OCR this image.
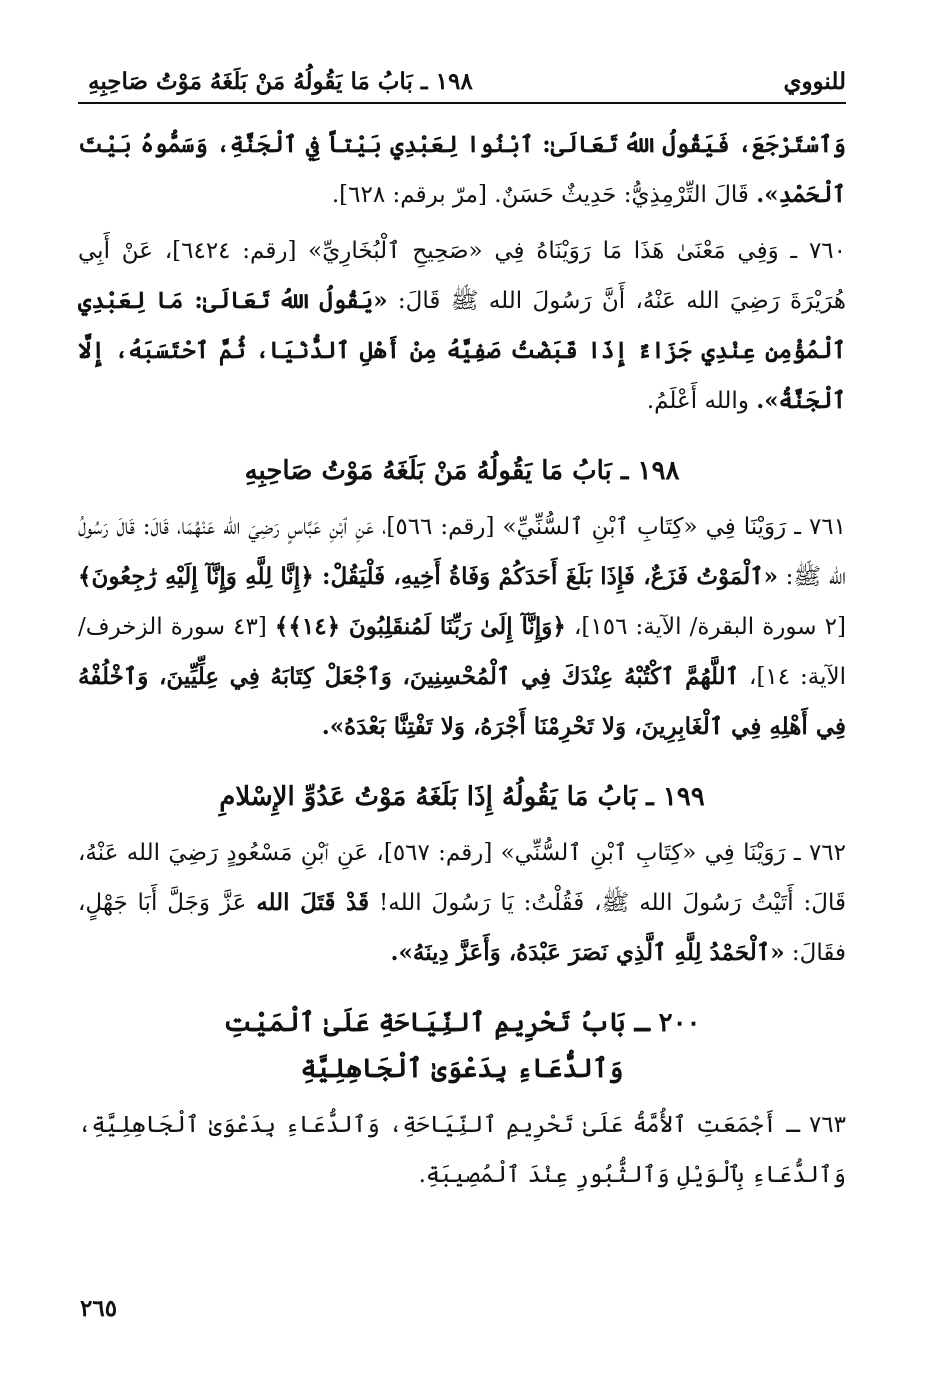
١٩٨ ـ بَابُ مَا يَقُولُهُ مَنْ بَلَغَهُ مَوْتُ صَاحِبِهِ	للنووي

وَٱسْتَرْجَعَ، فَيَقُولُ اللهُ تَعَالَىٰ: ٱبْنُوا لِعَبْدِي بَيْتاً فِي ٱلْجَنَّةِ، وَسَمُّوهُ بَيْتَ ٱلْحَمْدِ». قَالَ التِّرْمِذِيُّ: حَدِيثٌ حَسَنٌ. [مرّ برقم: ٦٢٨].

٧٦٠ ـ وَفِي مَعْنَىٰ هَذَا مَا رَوَيْنَاهُ فِي «صَحِيحِ ٱلْبُخَارِيِّ» [رقم: ٦٤٢٤]، عَنْ أَبِي هُرَيْرَةَ رَضِيَ الله عَنْهُ، أَنَّ رَسُولَ الله ﷺ قَالَ: «يَقُولُ اللهُ تَعَالَىٰ: مَا لِعَبْدِي ٱلْمُؤْمِنِ عِنْدِي جَزَاءٌ إِذَا قَبَضْتُ صَفِيَّهُ مِنْ أَهْلِ ٱلدُّنْيَا، ثُمَّ ٱحْتَسَبَهُ، إِلَّا ٱلْجَنَّةُ». والله أَعْلَمُ.

١٩٨ ـ بَابُ مَا يَقُولُهُ مَنْ بَلَغَهُ مَوْتُ صَاحِبِهِ

٧٦١ ـ رَوَيْنَا فِي «كِتَابِ ٱبْنِ ٱلسُّنِّيِّ» [رقم: ٥٦٦]، عَنِ ٱبْنِ عَبَّاسٍ رَضِيَ الله عَنْهُمَا، قَالَ: قَالَ رَسُولُ الله ﷺ: «ٱلْمَوْتُ فَزَعٌ، فَإِذَا بَلَغَ أَحَدَكُمْ وَفَاةُ أَخِيهِ، فَلْيَقُلْ: ﴿إِنَّا لِلَّهِ وَإِنَّآ إِلَيْهِ رَٰجِعُونَ﴾ [٢ سورة البقرة/ الآية: ١٥٦]، ﴿وَإِنَّآ إِلَىٰ رَبِّنَا لَمُنقَلِبُونَ ﴿١٤﴾﴾ [٤٣ سورة الزخرف/ الآية: ١٤]، ٱللَّهُمَّ ٱكْتُبْهُ عِنْدَكَ فِي ٱلْمُحْسِنِينَ، وَٱجْعَلْ كِتَابَهُ فِي عِلِّيِّينَ، وَٱخْلُفْهُ فِي أَهْلِهِ فِي ٱلْغَابِرِينَ، وَلا تَحْرِمْنَا أَجْرَهُ، وَلا تَفْتِنَّا بَعْدَهُ».

١٩٩ ـ بَابُ مَا يَقُولُهُ إِذَا بَلَغَهُ مَوْتُ عَدُوِّ الإِسْلامِ

٧٦٢ ـ رَوَيْنَا فِي «كِتَابِ ٱبْنِ ٱلسُّنِّي» [رقم: ٥٦٧]، عَنِ ٱبْنِ مَسْعُودٍ رَضِيَ الله عَنْهُ، قَالَ: أَتَيْتُ رَسُولَ الله ﷺ، فَقُلْتُ: يَا رَسُولَ الله! قَدْ قَتَلَ الله عَزَّ وَجَلَّ أَبَا جَهْلٍ، فقَالَ: «ٱلْحَمْدُ لِلَّهِ ٱلَّذِي نَصَرَ عَبْدَهُ، وَأَعَزَّ دِينَهُ».

٢٠٠ ـ بَابُ تَحْرِيمِ ٱلنِّيَاحَةِ عَلَىٰ ٱلْمَيْتِ
وَٱلدُّعَاءِ بِدَعْوَىٰ ٱلْجَاهِلِيَّةِ

٧٦٣ ـ أَجْمَعَتِ ٱلأُمَّةُ عَلَىٰ تَحْرِيمِ ٱلنِّيَاحَةِ، وَٱلدُّعَاءِ بِدَعْوَىٰ ٱلْجَاهِلِيَّةِ، وَٱلدُّعَاءِ بِٱلْوَيْلِ وَٱلثُّبُورِ عِنْدَ ٱلْمُصِيبَةِ.

٢٦٥
